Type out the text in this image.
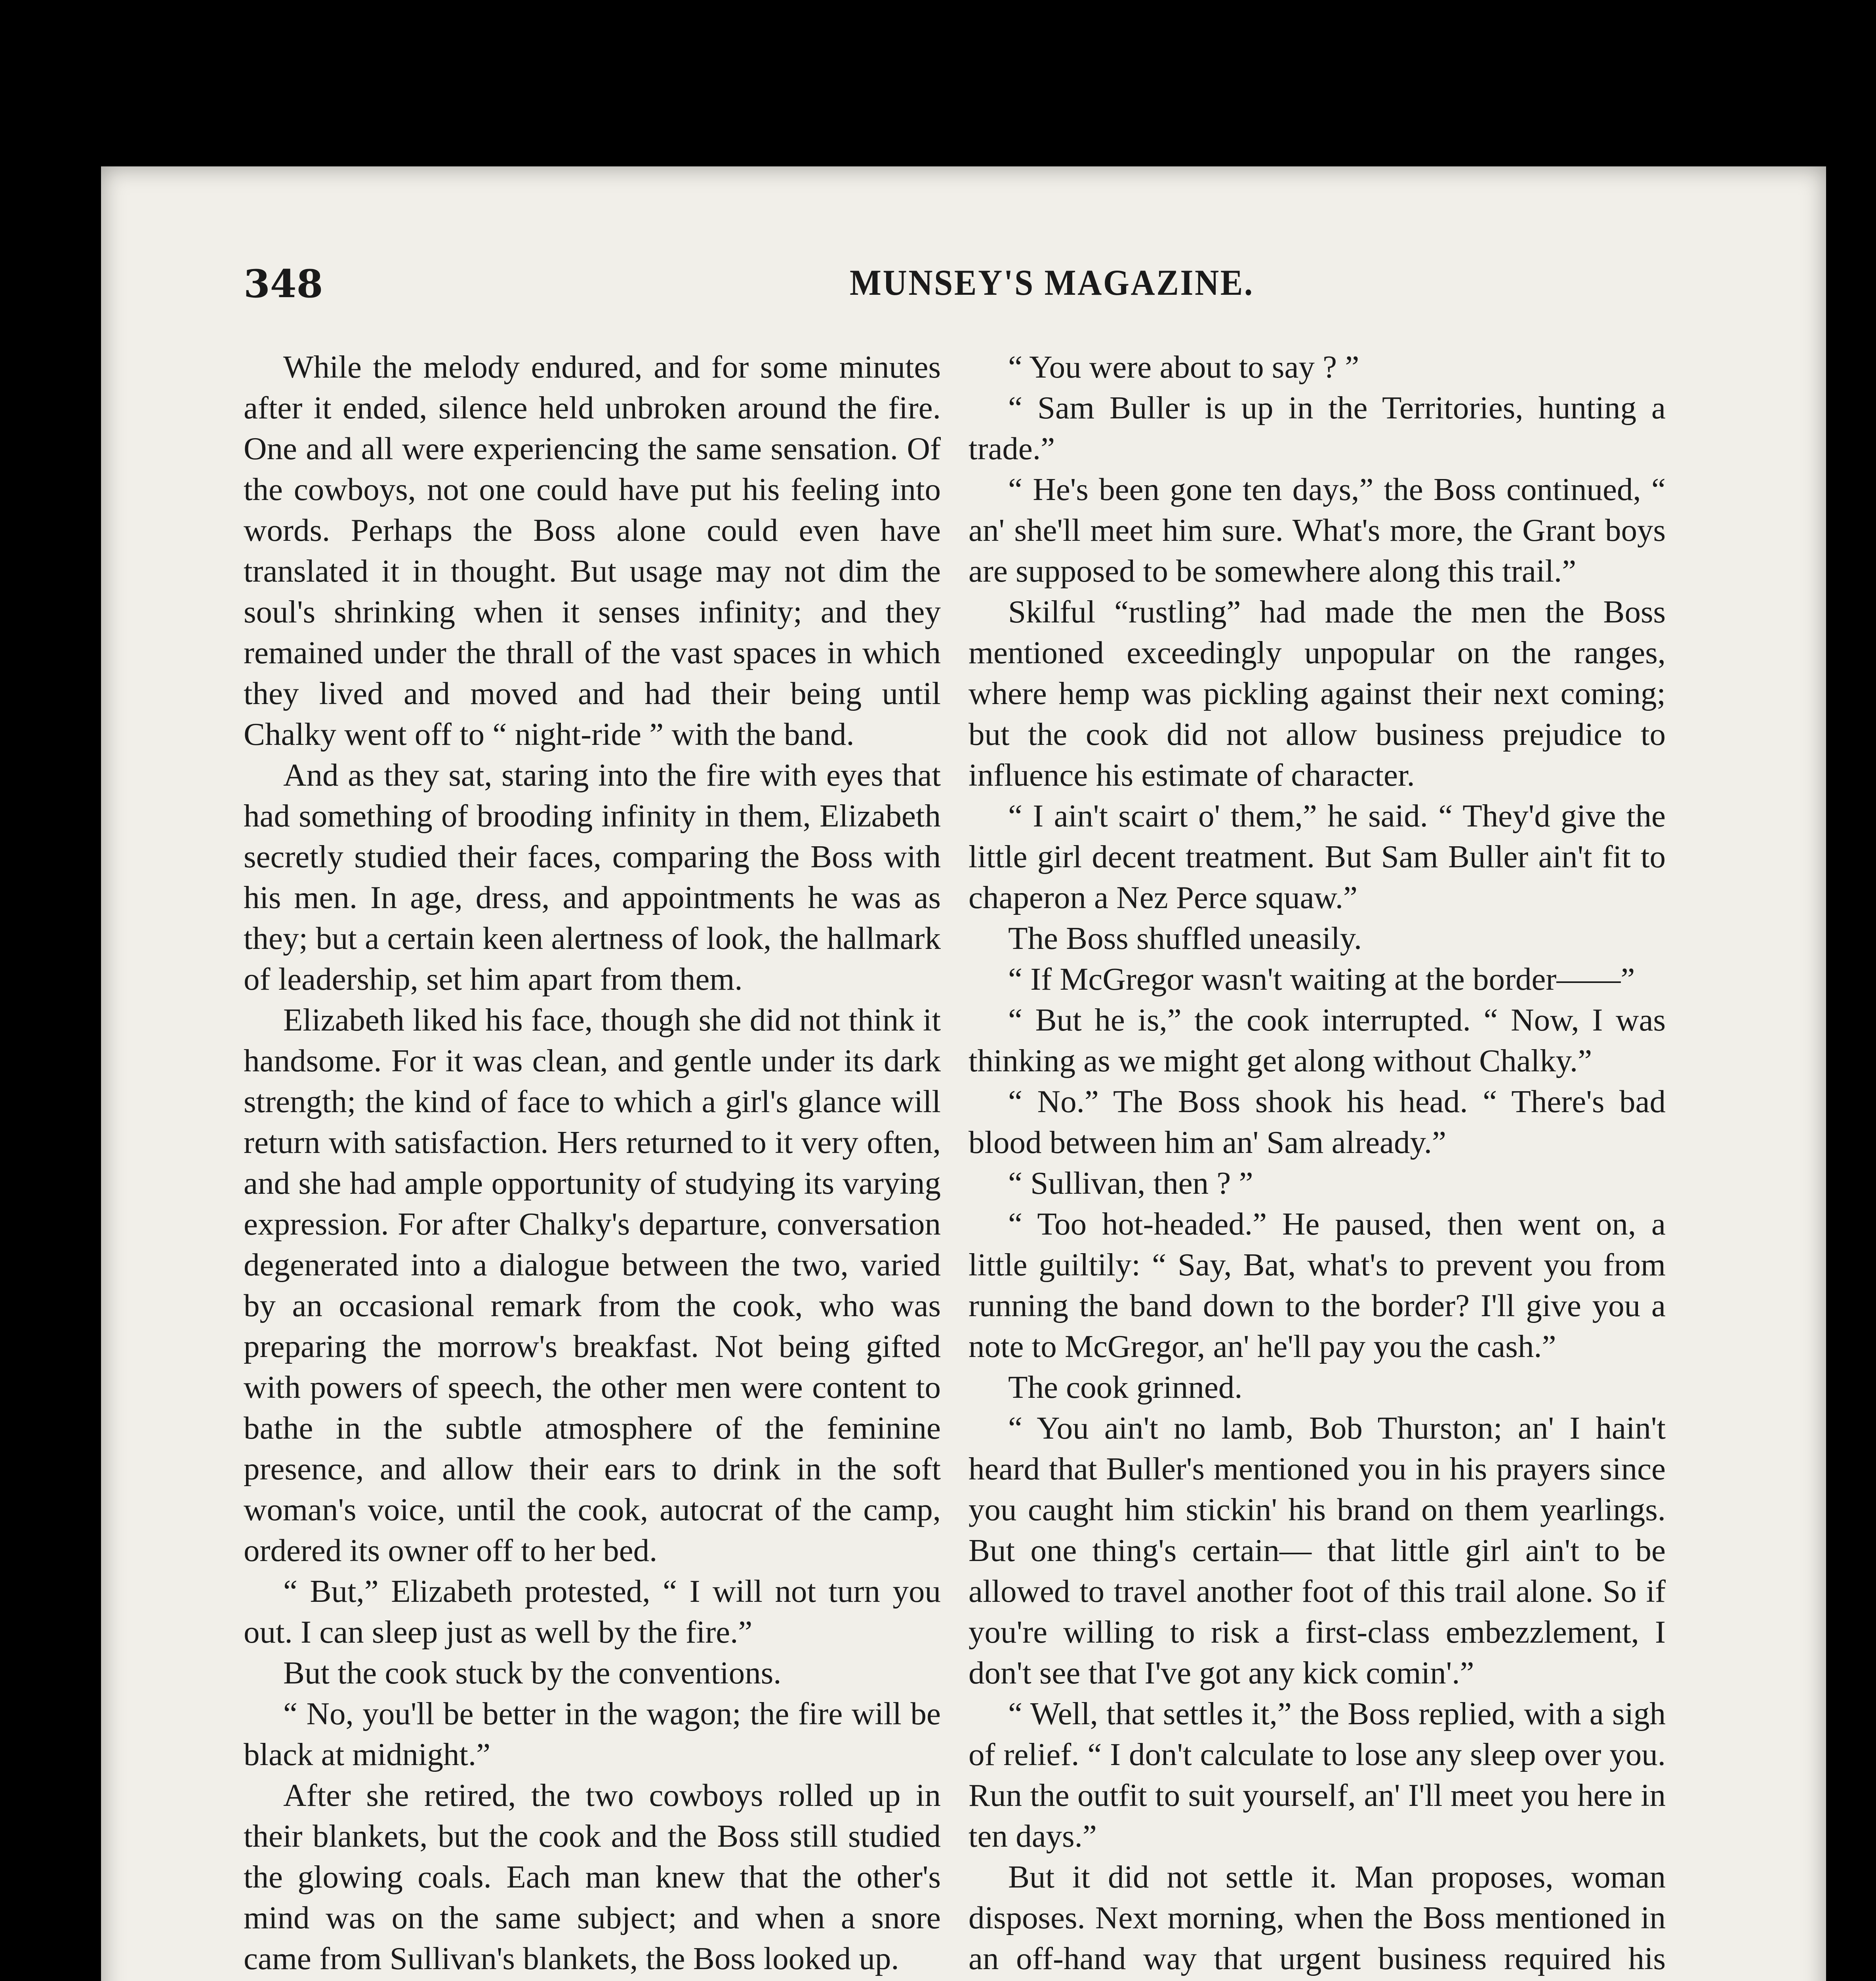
348	MUNSEY'S MAGAZINE.

While the melody endured, and for some minutes after it ended, silence held unbroken around the fire. One and all were experiencing the same sensation. Of the cowboys, not one could have put his feeling into words. Perhaps the Boss alone could even have translated it in thought. But usage may not dim the soul's shrinking when it senses infinity; and they remained under the thrall of the vast spaces in which they lived and moved and had their being until Chalky went off to “ night-ride ” with the band.

And as they sat, staring into the fire with eyes that had something of brooding infinity in them, Elizabeth secretly studied their faces, comparing the Boss with his men. In age, dress, and appointments he was as they; but a certain keen alertness of look, the hallmark of leadership, set him apart from them.

Elizabeth liked his face, though she did not think it handsome. For it was clean, and gentle under its dark strength; the kind of face to which a girl's glance will return with satisfaction. Hers returned to it very often, and she had ample opportunity of studying its varying expression. For after Chalky's departure, conversation degenerated into a dialogue between the two, varied by an occasional remark from the cook, who was preparing the morrow's breakfast. Not being gifted with powers of speech, the other men were content to bathe in the subtle atmosphere of the feminine presence, and allow their ears to drink in the soft woman's voice, until the cook, autocrat of the camp, ordered its owner off to her bed.

“ But,” Elizabeth protested, “ I will not turn you out. I can sleep just as well by the fire.”

But the cook stuck by the conventions.

“ No, you'll be better in the wagon; the fire will be black at midnight.”

After she retired, the two cowboys rolled up in their blankets, but the cook and the Boss still studied the glowing coals. Each man knew that the other's mind was on the same subject; and when a snore came from Sullivan's blankets, the Boss looked up.

“ You were about to say ? ”

“ Sam Buller is up in the Territories, hunting a trade.”

“ He's been gone ten days,” the Boss continued, “ an' she'll meet him sure. What's more, the Grant boys are supposed to be somewhere along this trail.”

Skilful “rustling” had made the men the Boss mentioned exceedingly unpopular on the ranges, where hemp was pickling against their next coming; but the cook did not allow business prejudice to influence his estimate of character.

“ I ain't scairt o' them,” he said. “ They'd give the little girl decent treatment. But Sam Buller ain't fit to chaperon a Nez Perce squaw.”

The Boss shuffled uneasily.

“ If McGregor wasn't waiting at the border——”

“ But he is,” the cook interrupted. “ Now, I was thinking as we might get along without Chalky.”

“ No.” The Boss shook his head. “ There's bad blood between him an' Sam already.”

“ Sullivan, then ? ”

“ Too hot-headed.” He paused, then went on, a little guiltily: “ Say, Bat, what's to prevent you from running the band down to the border? I'll give you a note to McGregor, an' he'll pay you the cash.”

The cook grinned.

“ You ain't no lamb, Bob Thurston; an' I hain't heard that Buller's mentioned you in his prayers since you caught him stickin' his brand on them yearlings. But one thing's certain— that little girl ain't to be allowed to travel another foot of this trail alone. So if you're willing to risk a first-class embezzlement, I don't see that I've got any kick comin'.”

“ Well, that settles it,” the Boss replied, with a sigh of relief. “ I don't calculate to lose any sleep over you. Run the outfit to suit yourself, an' I'll meet you here in ten days.”

But it did not settle it. Man proposes, woman disposes. Next morning, when the Boss mentioned in an off-hand way that urgent business required his
